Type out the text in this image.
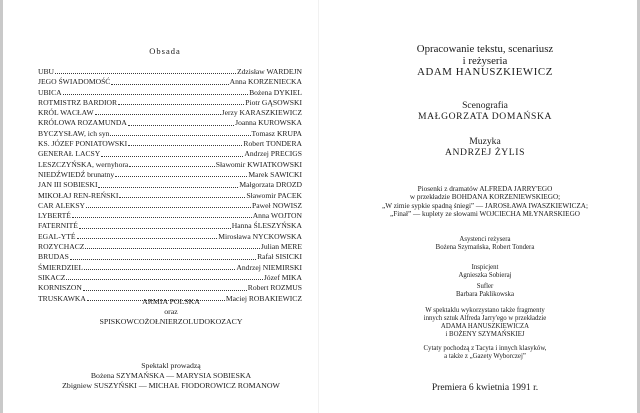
Obsada
UBU	Zdzisław WARDEJN
JEGO ŚWIADOMOŚĆ	Anna KORZENIECKA
UBICA	Bożena DYKIEL
ROTMISTRZ BARDIOR	Piotr GĄSOWSKI
KRÓL WACŁAW	Jerzy KARASZKIEWICZ
KRÓLOWA ROZAMUNDA	Joanna KUROWSKA
BYCZYSŁAW, ich syn	Tomasz KRUPA
KS. JÓZEF PONIATOWSKI	Robert TONDERA
GENERAŁ LACSY	Andrzej PRECIGS
LESZCZYŃSKA, wernyhora	Sławomir KWIATKOWSKI
NIEDŹWIEDŹ brunatny	Marek SAWICKI
JAN III SOBIESKI	Małgorzata DROZD
MIKOŁAJ REN-REŃSKI	Sławomir PACEK
CAR ALEKSY	Paweł NOWISZ
LYBERTÉ	Anna WOJTON
FATERNITÉ	Hanna ŚLESZYŃSKA
EGAL-YTÉ	Mirosława NYCKOWSKA
ROZYCHACZ	Julian MERE
BRUDAS	Rafał SISICKI
ŚMIERDZIEL	Andrzej NIEMIRSKI
SIKACZ	Józef MIKA
KORNISZON	Robert ROZMUS
TRUSKAWKA	Maciej ROBAKIEWICZ
ARMIA POLSKA
oraz
SPISKOWCOŻOŁNIERZOLUDOKOZACY
Spektakl prowadzą
Bożena SZYMAŃSKA — MARYSIA SOBIESKA
Zbigniew SUSZYŃSKI — MICHAŁ FIODOROWICZ ROMANOW
Opracowanie tekstu, scenariusz
i reżyseria
ADAM HANUSZKIEWICZ
Scenografia
MAŁGORZATA DOMAŃSKA
Muzyka
ANDRZEJ ŻYLIS
Piosenki z dramatów ALFREDA JARRY'EGO
w przekładzie BOHDANA KORZENIEWSKIEGO;
„W zimie sypkie spadną śniegi” — JAROSŁAWA IWASZKIEWICZA;
„Finał” — kuplety ze słowami WOJCIECHA MŁYNARSKIEGO
Asystenci reżysera
Bożena Szymańska, Robert Tondera
Inspicjent
Agnieszka Sobieraj
Sufler
Barbara Paklikowska
W spektaklu wykorzystano także fragmenty
innych sztuk Alfreda Jarry'ego w przekładzie
ADAMA HANUSZKIEWICZA
i BOŻENY SZYMAŃSKIEJ
Cytaty pochodzą z Tacyta i innych klasyków,
a także z „Gazety Wyborczej”
Premiera 6 kwietnia 1991 r.
